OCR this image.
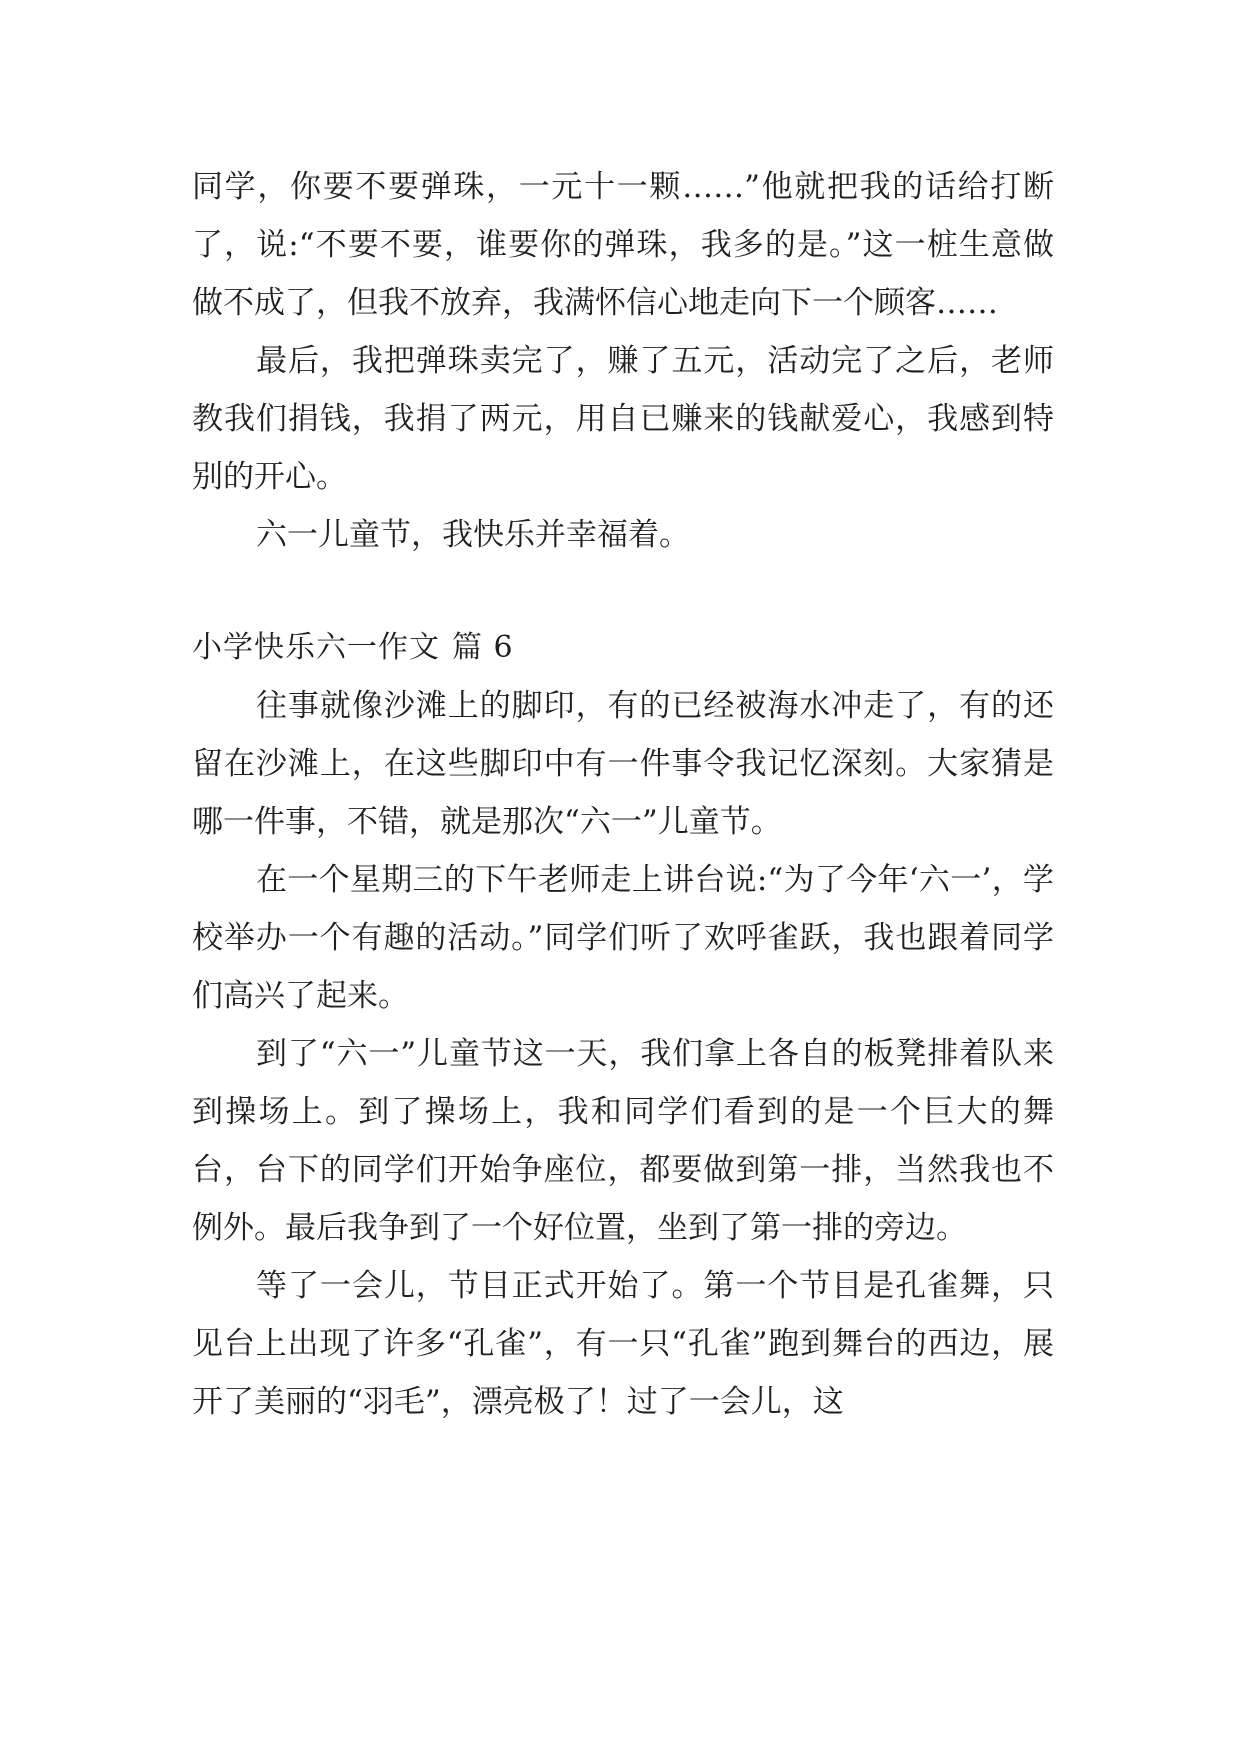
同学，你要不要弹珠，一元十一颗……”他就把我的话给打断了，说:“不要不要，谁要你的弹珠，我多的是。”这一桩生意做做不成了，但我不放弃，我满怀信心地走向下一个顾客……

最后，我把弹珠卖完了，赚了五元，活动完了之后，老师教我们捐钱，我捐了两元，用自已赚来的钱献爱心，我感到特别的开心。

六一儿童节，我快乐并幸福着。

小学快乐六一作文 篇 6

往事就像沙滩上的脚印，有的已经被海水冲走了，有的还留在沙滩上，在这些脚印中有一件事令我记忆深刻。大家猜是哪一件事，不错，就是那次“六一”儿童节。

在一个星期三的下午老师走上讲台说:“为了今年‘六一’，学校举办一个有趣的活动。”同学们听了欢呼雀跃，我也跟着同学们高兴了起来。

到了“六一”儿童节这一天，我们拿上各自的板凳排着队来到操场上。到了操场上，我和同学们看到的是一个巨大的舞台，台下的同学们开始争座位，都要做到第一排，当然我也不例外。最后我争到了一个好位置，坐到了第一排的旁边。

等了一会儿，节目正式开始了。第一个节目是孔雀舞，只见台上出现了许多“孔雀”，有一只“孔雀”跑到舞台的西边，展开了美丽的“羽毛”，漂亮极了！过了一会儿，这
